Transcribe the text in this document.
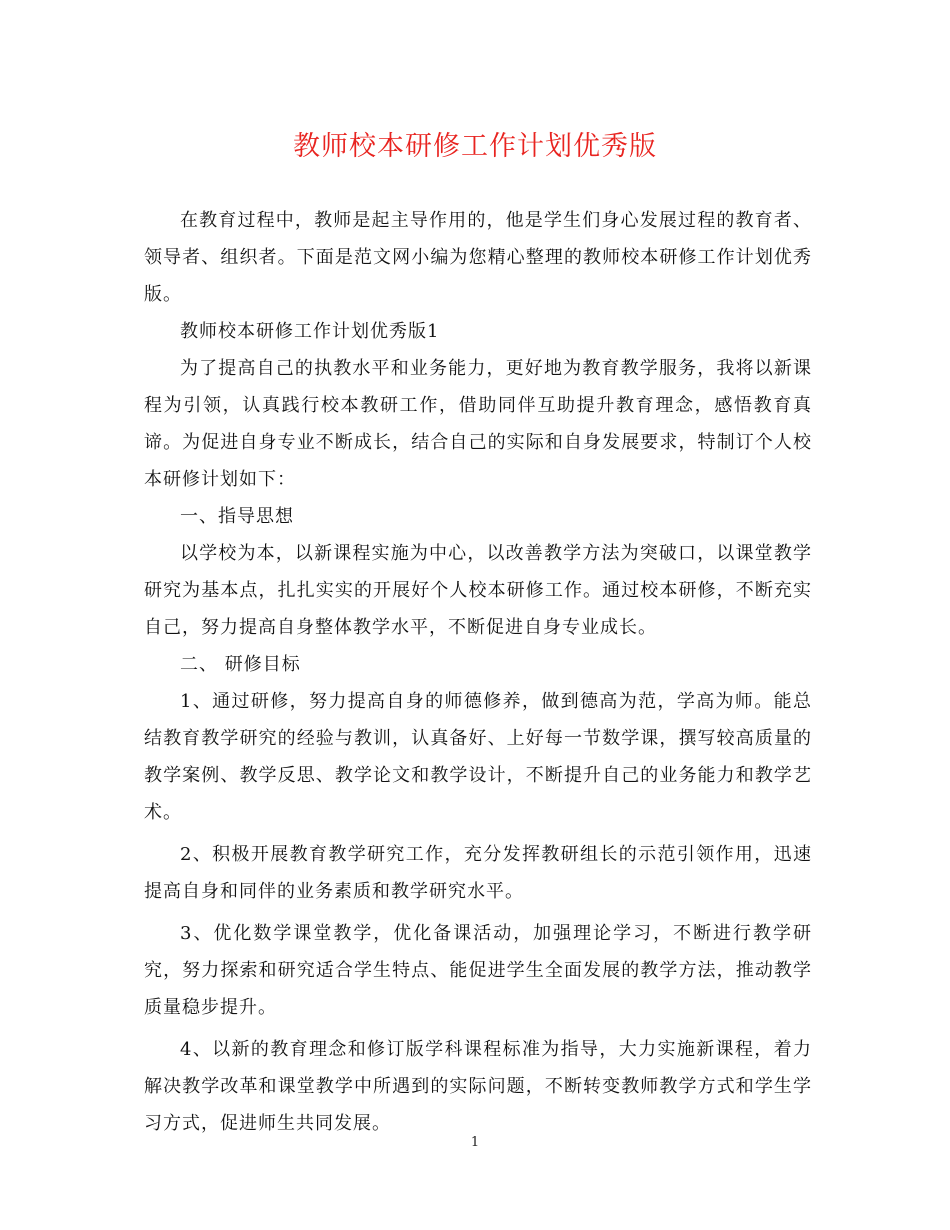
教师校本研修工作计划优秀版

在教育过程中，教师是起主导作用的，他是学生们身心发展过程的教育者、领导者、组织者。下面是范文网小编为您精心整理的教师校本研修工作计划优秀版。

教师校本研修工作计划优秀版1

为了提高自己的执教水平和业务能力，更好地为教育教学服务，我将以新课程为引领，认真践行校本教研工作，借助同伴互助提升教育理念，感悟教育真谛。为促进自身专业不断成长，结合自己的实际和自身发展要求，特制订个人校本研修计划如下：

一、指导思想

以学校为本，以新课程实施为中心，以改善教学方法为突破口，以课堂教学研究为基本点，扎扎实实的开展好个人校本研修工作。通过校本研修，不断充实自己，努力提高自身整体教学水平，不断促进自身专业成长。

二、 研修目标

1、通过研修，努力提高自身的师德修养，做到德高为范，学高为师。能总结教育教学研究的经验与教训，认真备好、上好每一节数学课，撰写较高质量的教学案例、教学反思、教学论文和教学设计，不断提升自己的业务能力和教学艺术。

2、积极开展教育教学研究工作，充分发挥教研组长的示范引领作用，迅速提高自身和同伴的业务素质和教学研究水平。

3、优化数学课堂教学，优化备课活动，加强理论学习，不断进行教学研究，努力探索和研究适合学生特点、能促进学生全面发展的教学方法，推动教学质量稳步提升。

4、以新的教育理念和修订版学科课程标准为指导，大力实施新课程，着力解决教学改革和课堂教学中所遇到的实际问题，不断转变教师教学方式和学生学习方式，促进师生共同发展。

1
